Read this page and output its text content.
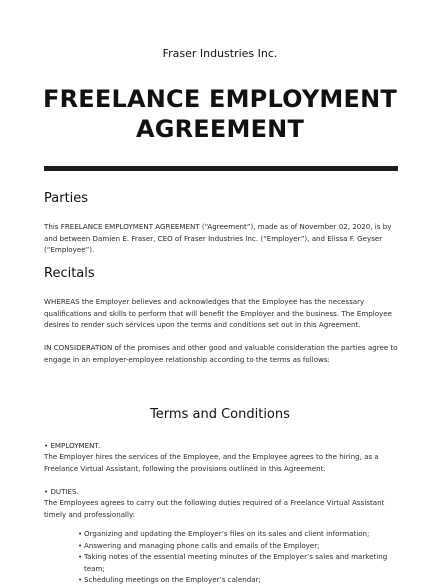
Fraser Industries Inc.
FREELANCE EMPLOYMENT
AGREEMENT
Parties
This FREELANCE EMPLOYMENT AGREEMENT (“Agreement”), made as of November 02, 2020, is by and between Damien E. Fraser, CEO of Fraser Industries Inc. (“Employer”), and Elissa F. Geyser (“Employee”).
Recitals
WHEREAS the Employer believes and acknowledges that the Employee has the necessary qualifications and skills to perform that will benefit the Employer and the business. The Employee desires to render such services upon the terms and conditions set out in this Agreement.
IN CONSIDERATION of the promises and other good and valuable consideration the parties agree to engage in an employer-employee relationship according to the terms as follows:
Terms and Conditions
• EMPLOYMENT.
The Employer hires the services of the Employee, and the Employee agrees to the hiring, as a Freelance Virtual Assistant, following the provisions outlined in this Agreement.
• DUTIES.
The Employees agrees to carry out the following duties required of a Freelance Virtual Assistant timely and professionally:
• Organizing and updating the Employer’s files on its sales and client information;
• Answering and managing phone calls and emails of the Employer;
• Taking notes of the essential meeting minutes of the Employer’s sales and marketing team;
• Scheduling meetings on the Employer’s calendar;
